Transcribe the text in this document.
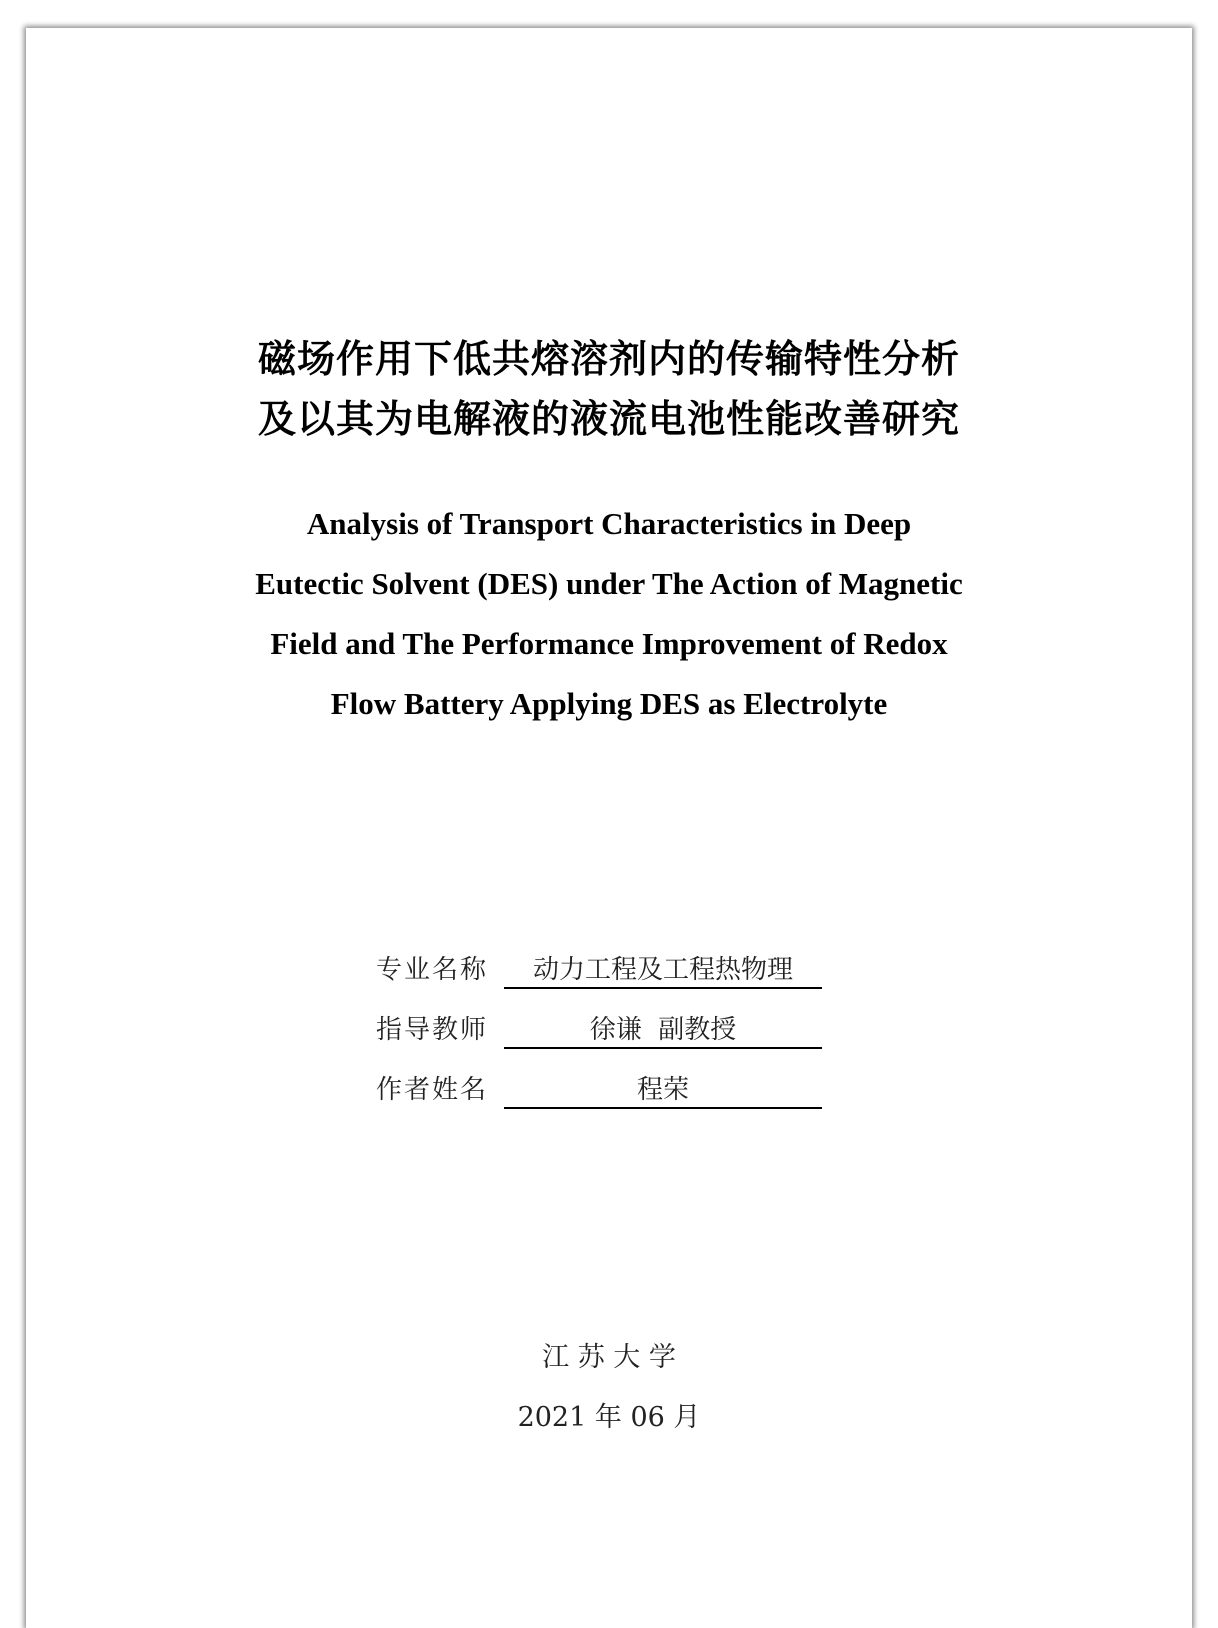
磁场作用下低共熔溶剂内的传输特性分析
及以其为电解液的液流电池性能改善研究
Analysis of Transport Characteristics in Deep
Eutectic Solvent (DES) under The Action of Magnetic
Field and The Performance Improvement of Redox
Flow Battery Applying DES as Electrolyte
专业名称	动力工程及工程热物理
指导教师	徐谦  副教授
作者姓名	程荣
江 苏 大 学
2021 年 06 月
